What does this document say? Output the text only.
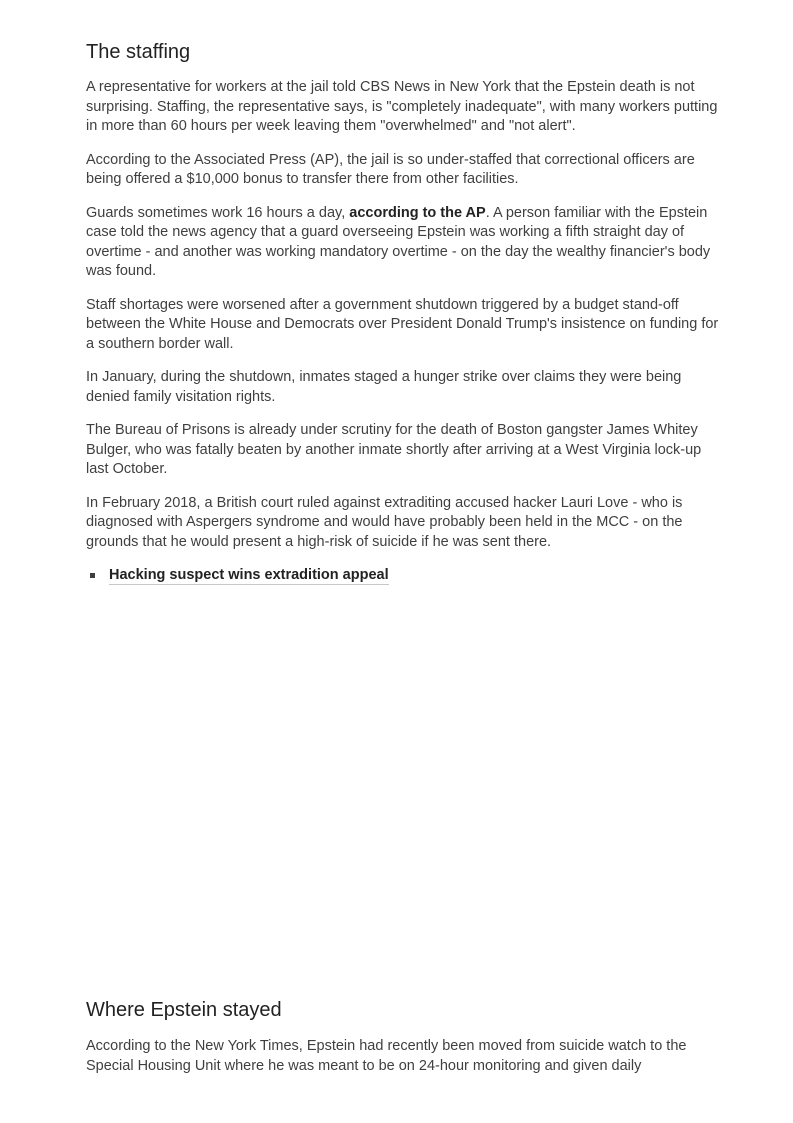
The staffing

A representative for workers at the jail told CBS News in New York that the Epstein death is not surprising. Staffing, the representative says, is "completely inadequate", with many workers putting in more than 60 hours per week leaving them "overwhelmed" and "not alert".

According to the Associated Press (AP), the jail is so under-staffed that correctional officers are being offered a $10,000 bonus to transfer there from other facilities.

Guards sometimes work 16 hours a day, according to the AP. A person familiar with the Epstein case told the news agency that a guard overseeing Epstein was working a fifth straight day of overtime - and another was working mandatory overtime - on the day the wealthy financier's body was found.

Staff shortages were worsened after a government shutdown triggered by a budget stand-off between the White House and Democrats over President Donald Trump's insistence on funding for a southern border wall.

In January, during the shutdown, inmates staged a hunger strike over claims they were being denied family visitation rights.

The Bureau of Prisons is already under scrutiny for the death of Boston gangster James Whitey Bulger, who was fatally beaten by another inmate shortly after arriving at a West Virginia lock-up last October.

In February 2018, a British court ruled against extraditing accused hacker Lauri Love - who is diagnosed with Aspergers syndrome and would have probably been held in the MCC - on the grounds that he would present a high-risk of suicide if he was sent there.

Hacking suspect wins extradition appeal
Where Epstein stayed

According to the New York Times, Epstein had recently been moved from suicide watch to the Special Housing Unit where he was meant to be on 24-hour monitoring and given daily
